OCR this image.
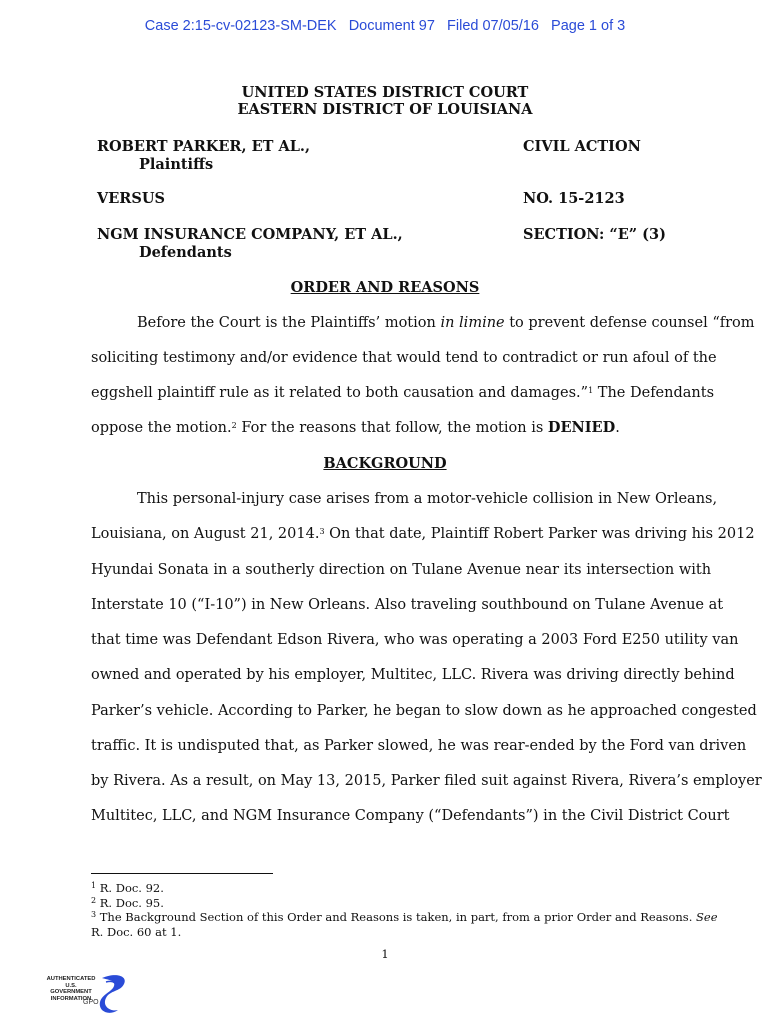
Case 2:15-cv-02123-SM-DEK Document 97 Filed 07/05/16 Page 1 of 3
UNITED STATES DISTRICT COURT
EASTERN DISTRICT OF LOUISIANA
ROBERT PARKER, ET AL.,
Plaintiffs
VERSUS
NGM INSURANCE COMPANY, ET AL.,
Defendants
CIVIL ACTION
NO. 15-2123
SECTION: “E” (3)
ORDER AND REASONS
Before the Court is the Plaintiffs’ motion in limine to prevent defense counsel “from
soliciting testimony and/or evidence that would tend to contradict or run afoul of the
eggshell plaintiff rule as it related to both causation and damages.”$^1$ The Defendants
oppose the motion.$^2$ For the reasons that follow, the motion is DENIED.
BACKGROUND
This personal-injury case arises from a motor-vehicle collision in New Orleans,
Louisiana, on August 21, 2014.$^3$ On that date, Plaintiff Robert Parker was driving his 2012
Hyundai Sonata in a southerly direction on Tulane Avenue near its intersection with
Interstate 10 (“I-10”) in New Orleans. Also traveling southbound on Tulane Avenue at
that time was Defendant Edson Rivera, who was operating a 2003 Ford E250 utility van
owned and operated by his employer, Multitec, LLC. Rivera was driving directly behind
Parker’s vehicle. According to Parker, he began to slow down as he approached congested
traffic. It is undisputed that, as Parker slowed, he was rear-ended by the Ford van driven
by Rivera. As a result, on May 13, 2015, Parker filed suit against Rivera, Rivera’s employer
Multitec, LLC, and NGM Insurance Company (“Defendants”) in the Civil District Court
$^1$ R. Doc. 92.
$^2$ R. Doc. 95.
$^3$ The Background Section of this Order and Reasons is taken, in part, from a prior Order and Reasons. See
R. Doc. 60 at 1.
1
AUTHENTICATED U.S. GOVERNMENT INFORMATION
GPO
